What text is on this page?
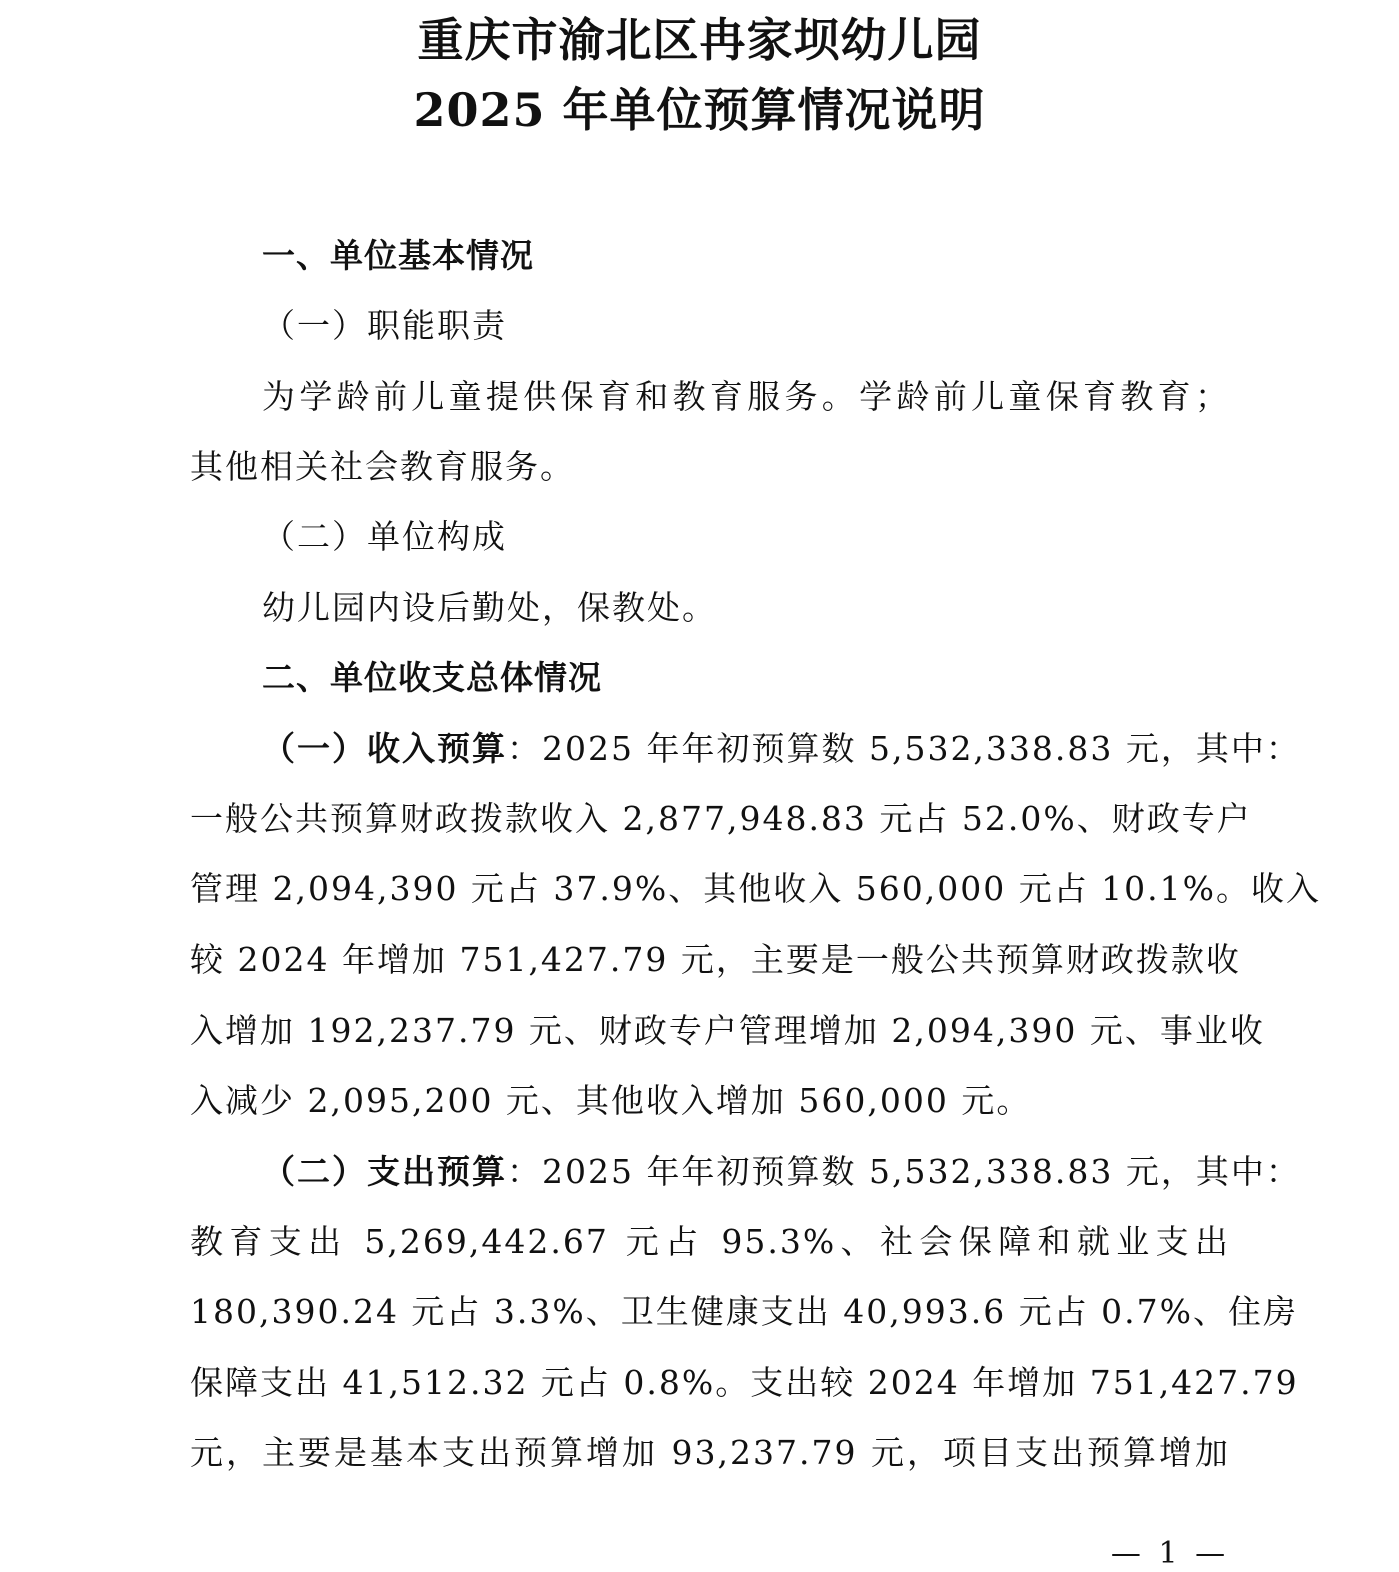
重庆市渝北区冉家坝幼儿园
2025 年单位预算情况说明
一、单位基本情况
（一）职能职责
为学龄前儿童提供保育和教育服务。学龄前儿童保育教育；
其他相关社会教育服务。
（二）单位构成
幼儿园内设后勤处，保教处。
二、单位收支总体情况
（一）收入预算：2025 年年初预算数 5,532,338.83 元，其中：
一般公共预算财政拨款收入 2,877,948.83 元占 52.0%、财政专户
管理 2,094,390 元占 37.9%、其他收入 560,000 元占 10.1%。收入
较 2024 年增加 751,427.79 元，主要是一般公共预算财政拨款收
入增加 192,237.79 元、财政专户管理增加 2,094,390 元、事业收
入减少 2,095,200 元、其他收入增加 560,000 元。
（二）支出预算：2025 年年初预算数 5,532,338.83 元，其中：
教育支出 5,269,442.67 元占 95.3%、社会保障和就业支出
180,390.24 元占 3.3%、卫生健康支出 40,993.6 元占 0.7%、住房
保障支出 41,512.32 元占 0.8%。支出较 2024 年增加 751,427.79
元，主要是基本支出预算增加 93,237.79 元，项目支出预算增加
— 1 —
